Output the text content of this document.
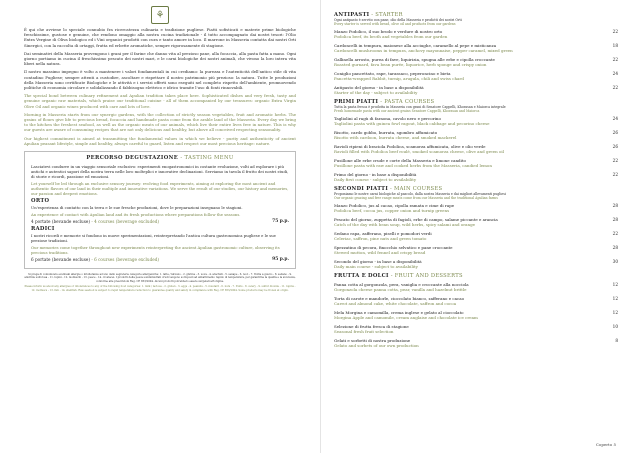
⚘

È qui che avviene lo speciale connubio fra ricercatezza culinaria e tradizione pugliese. Piatti sofisticati e materie prime biologiche freschissime, gustose e genuine, che rendono omaggio alla nostra cucina tradizionale - il tutto accompagnato dai nostri tesori: l'Olio Extra Vergine di Oliva biologico ed i Vini organici prodotti con cura e tanto amore in loco. Il marrone in Masseria contatta dai nostri Orti Sinergici, con la raccolta di ortaggi, frutta ed erbette aromatiche, sempre rigorosamente di stagione.

Dai seminativi della Masseria provengono i grani per il farine che danno vita al prezioso pane, alla focaccia, alla pasta fatta a mano. Ogni giorno portiamo in cucina il freschissimo pescato dei nostri mari, e le carni biologiche dei nostri animali, che vivono la loro intera vita liberi nella natura.

Il nostro massimo impegno è volto a mantenere i valori fondamentali in cui crediamo: la purezza e l'autenticità dell'antico stile di vita contadino Pugliese; sempre attenti a custodire, ascoltare e rispettare il nostro patrimonio più prezioso: la natura. Tutte le produzioni della Masseria sono certificate Biologiche e le attività e i servizi offerti sono eseguiti nel completo rispetto dell'ambiente, promuovendo politiche di economia circolare e solidalizzando il fabbisogno elettrico e idrico tramite l'uso di fonti rinnovabili.

The special bond between culinary refinement and Apulian tradition takes place here. Sophisticated dishes and very fresh, tasty and genuine organic raw materials, which praise our traditional cuisine - all of them accompanied by our treasures: organic Extra Virgin Olive Oil and organic wines produced with care and lots of love.

Morning in Masseria starts from our synergic gardens, with the collection of strictly season vegetables, fruit and aromatic herbs. The grains of flours give life to precious bread, focaccia and handmade pasta come from the arable land of the Masseria. Every day we bring to the kitchen the freshest seafood, as well as the organic meats of our animals, which live their entire lives free in nature. This is why our guests are aware of consuming recipes that are not only delicious and healthy, but above all conceived respecting seasonality.

Our highest commitment is aimed at transmitting the fundamental values in which we believe - purity and authenticity of ancient Apulian peasant lifestyle, simple and healthy, always careful to guard, listen and respect our most precious heritage: nature.

PERCORSO DEGUSTAZIONE - TASTING MENU

Lasciatevi condurre in un viaggio sensoriale esclusivo: esperimenti enogastronomici in costante evoluzione, volti ad esplorare i più antichi e autentici sapori della nostra terra nelle loro molteplici e innovative declinazioni. Serviamo in tavola il frutto dei nostri studi, di storie e ricordi, passione ed emozioni.

Let yourself be led through an exclusive sensory journey: evolving food experiments, aiming at exploring the most ancient and authentic flavors of our land in their multiple and innovative variations. We serve the result of our studies, our history and memories, our passion and deepest emotions.

ORTO

Un'esperienza di contatto con la terra e le sue fresche produzioni, dove le preparazioni insegnano le stagioni.

An experience of contact with Apulian land and its fresh productions where preparations follow the seasons.

4 portate (bevande escluse) - 4 courses (beverage excluded)	75 p.p.
RADICI

I nostri ricordi e memorie si fondono in nuove sperimentazioni, reinterpretando l'antica cultura gastronomica pugliese e le sue preziose tradizioni.

Our memories come together throughout new experiments reinterpreting the ancient Apulian gastronomic culture, observing its precious traditions.

6 portate (bevande escluse) - 6 courses (beverage excluded)	95 p.p.

Si prega di comunicare eventuali allergie o intolleranze ad uno dello segreterie categorie allergeniche: 1. latte / lattosio - 2. glutine - 3. uova - 4. arachidi - 5. senape - 6. noci - 7. frutta a guscio - 8. sedano - 9. anidride solforosa - 11. lupini - 12. molluschi - 13. pesce - 14. crostacei. I prodotti della pesca somministrati crudi vengono sottoposti ad abbattimento rapido di temperatura, per garantirne la qualità e la sicurezza, conforme alle prescrizioni Reg. CE 853/2004. Alcuni prodotti potrebbero essere surgelati all'origine.

Please inform us about any allergies or intolerances to any of the following food categories: 1. milk / lactose - 2. gluten - 3. eggs - 4. peanuts - 5. mustard - 6. nuts - 7. fruits - 8. celery - 9. sulfur dioxide - 11. lupins - 12. molluscs - 13. fish - 14. shellfish. Raw seafood is subject to rapid temperature reduction to guarantee quality and safety in compliance with Reg. CE 853/2004. Some products may be frozen at origin.

ANTIPASTI - STARTER
Ogni antipasto è servito con pane, olio della Masseria e prodotti dei nostri Orti
Every starter is served with bread, olive oil and products from our gardens
Manzo Podolico, il suo brodo e verdure di nostro orto
Podolica beef, its broth and vegetables from our garden
22
Cardoncelli in tempura, maionese alla acciughe, caramello al pepe e misticanza
Cardoncelli mushrooms in tempura, anchovy mayonnaise, pepper caramel, mixed green
18
Gallinella arrosto, purea di fave, liquirizia, spugna alle erbe e cipolla croccante
Roasted gurnard, fava bean purée, liquorice, herb sponge and crispy onion
22
Coniglio pancettato, rape, tarassaco, peperoncino e bieta
Pancetta-wrapped Rabbit, turnip, arugula, chili and swiss chard
24
Antipasto del giorno - in base a disponibilità
Starter of the day - subject to availability
22
PRIMI PIATTI - PASTA COURSES
Tutta la pasta fresca è prodotta in Masseria con grani di Senatore Cappelli, Khorasan e Maiorca integrale
Fresh homemade pasta with our ancient grains Senatore Cappelli, Khorasan and Maiorca
Tagliolini al ragù di faraona, cavolo nero e percorino
Tagliolini pasta with guinea fowl ragout, black cabbage and pecorino cheese
24
Risotto, cardo gobbo, burrata, sgombro affumicato
Risotto with cardoon, burrata cheese, and smoked mackerel
26
Ravioli ripieni di braciola Podolica, scamorza affumicata, olive e olio verde
Ravioli filled with Podolica beef roulé, smoked scamorza cheese, olive and green oil
26
Fusillone alle erbe crude e corte della Masseria e limone candito
Fusillone pasta with raw and cooked herbs from the Masseria, candied lemon
22
Primo del giorno - in base a disponibilità
Daily first course - subject to availability
22
SECONDI PIATTI - MAIN COURSES
Proponiamo le nostre carni biologiche al pascolo, dalla nostra Masseria e dai migliori allevamenti pugliesi
Our organic grazing and free range meats come from our Masseria and the traditional Apulian farms
Manzo Podolico, jus al cacao, cipolla ramata e cime di rape
Podolica beef, cocoa jus, copper onion and turnip greens
28
Pescato del giorno, zuppetta di fagioli, erbe di campo, salame piccante e arancia
Catch of the day with bean soup, wild herbs, spicy salami and orange
28
Sedano rapa, zafferano, piselli e pomodori verdi
Celeriac, saffron, pine nuts and green tomato
22
Spezzatino di pecora, finocchio selvatico e pane croccante
Stewed mutton, wild fennel and crispy bread
28
Secondo del giorno - in base a disponibilità
Daily main course - subject to availability
30
FRUTTA E DOLCI - FRUIT AND DESSERTS
Panna cotta al gorgonzola, pera, vaniglia e croccante alla nocciola
Gorgonzola cheese panna cotta, pear, vanilla and hazelnut brittle
12
Torta di carote e mandorle, cioccolato bianco, zafferano e cacao
Carrot and almond cake, white chocolate, saffron and cocoa
12
Mela Morgina e camomilla, crema inglese e gelato al cioccolato
Morgina Apple and camomile, cream anglaise and chocolate ice cream
12
Selezione di frutta fresca di stagione
Seasonal fresh fruit selection
10
Gelati e sorbetti di nostra produzione
Gelato and sorbets of our own production
8
Coperto 5
